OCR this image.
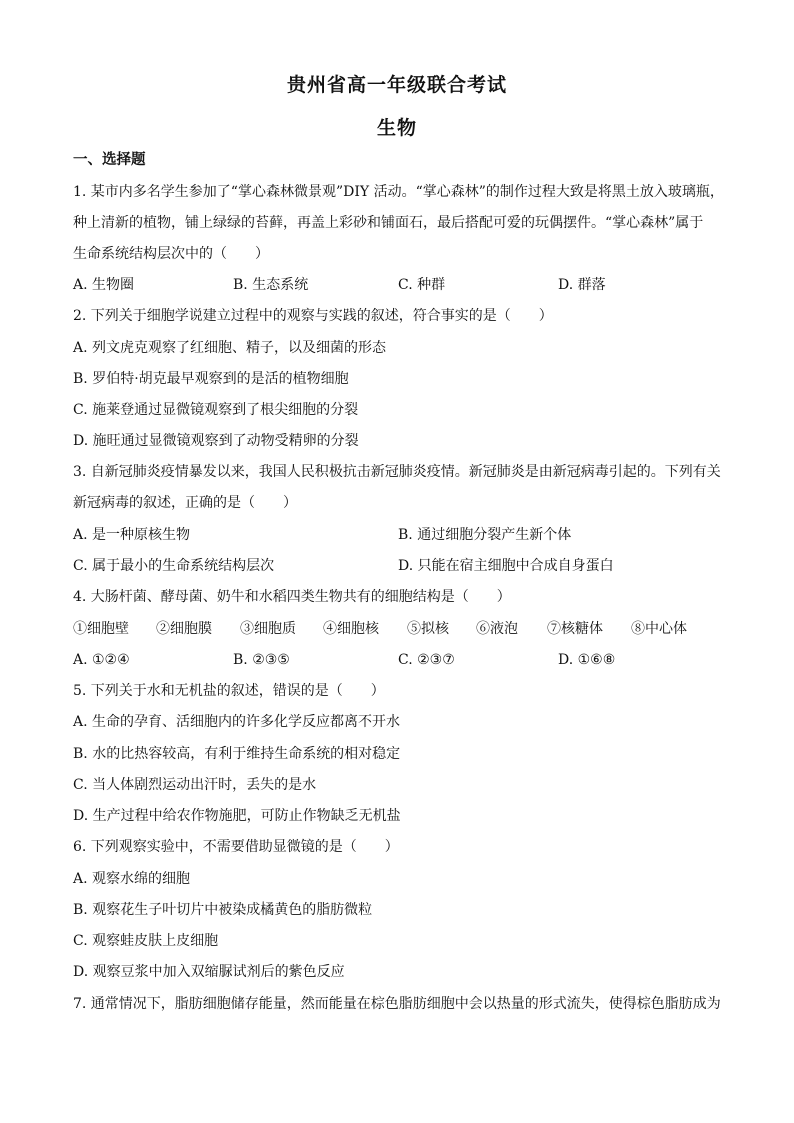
贵州省高一年级联合考试
生物
一、选择题
1. 某市内多名学生参加了“掌心森林微景观”DIY 活动。“掌心森林”的制作过程大致是将黑土放入玻璃瓶，
种上清新的植物，铺上绿绿的苔藓，再盖上彩砂和铺面石，最后搭配可爱的玩偶摆件。“掌心森林”属于
生命系统结构层次中的（　　）
A. 生物圈	B. 生态系统	C. 种群	D. 群落
2. 下列关于细胞学说建立过程中的观察与实践的叙述，符合事实的是（　　）
A. 列文虎克观察了红细胞、精子，以及细菌的形态
B. 罗伯特·胡克最早观察到的是活的植物细胞
C. 施莱登通过显微镜观察到了根尖细胞的分裂
D. 施旺通过显微镜观察到了动物受精卵的分裂
3. 自新冠肺炎疫情暴发以来，我国人民积极抗击新冠肺炎疫情。新冠肺炎是由新冠病毒引起的。下列有关
新冠病毒的叙述，正确的是（　　）
A. 是一种原核生物	B. 通过细胞分裂产生新个体
C. 属于最小的生命系统结构层次	D. 只能在宿主细胞中合成自身蛋白
4. 大肠杆菌、酵母菌、奶牛和水稻四类生物共有的细胞结构是（　　）
①细胞壁 ②细胞膜 ③细胞质 ④细胞核 ⑤拟核 ⑥液泡 ⑦核糖体 ⑧中心体
A. ①②④	B. ②③⑤	C. ②③⑦	D. ①⑥⑧
5. 下列关于水和无机盐的叙述，错误的是（　　）
A. 生命的孕育、活细胞内的许多化学反应都离不开水
B. 水的比热容较高，有利于维持生命系统的相对稳定
C. 当人体剧烈运动出汗时，丢失的是水
D. 生产过程中给农作物施肥，可防止作物缺乏无机盐
6. 下列观察实验中，不需要借助显微镜的是（　　）
A. 观察水绵的细胞
B. 观察花生子叶切片中被染成橘黄色的脂肪微粒
C. 观察蛙皮肤上皮细胞
D. 观察豆浆中加入双缩脲试剂后的紫色反应
7. 通常情况下，脂肪细胞储存能量，然而能量在棕色脂肪细胞中会以热量的形式流失，使得棕色脂肪成为
